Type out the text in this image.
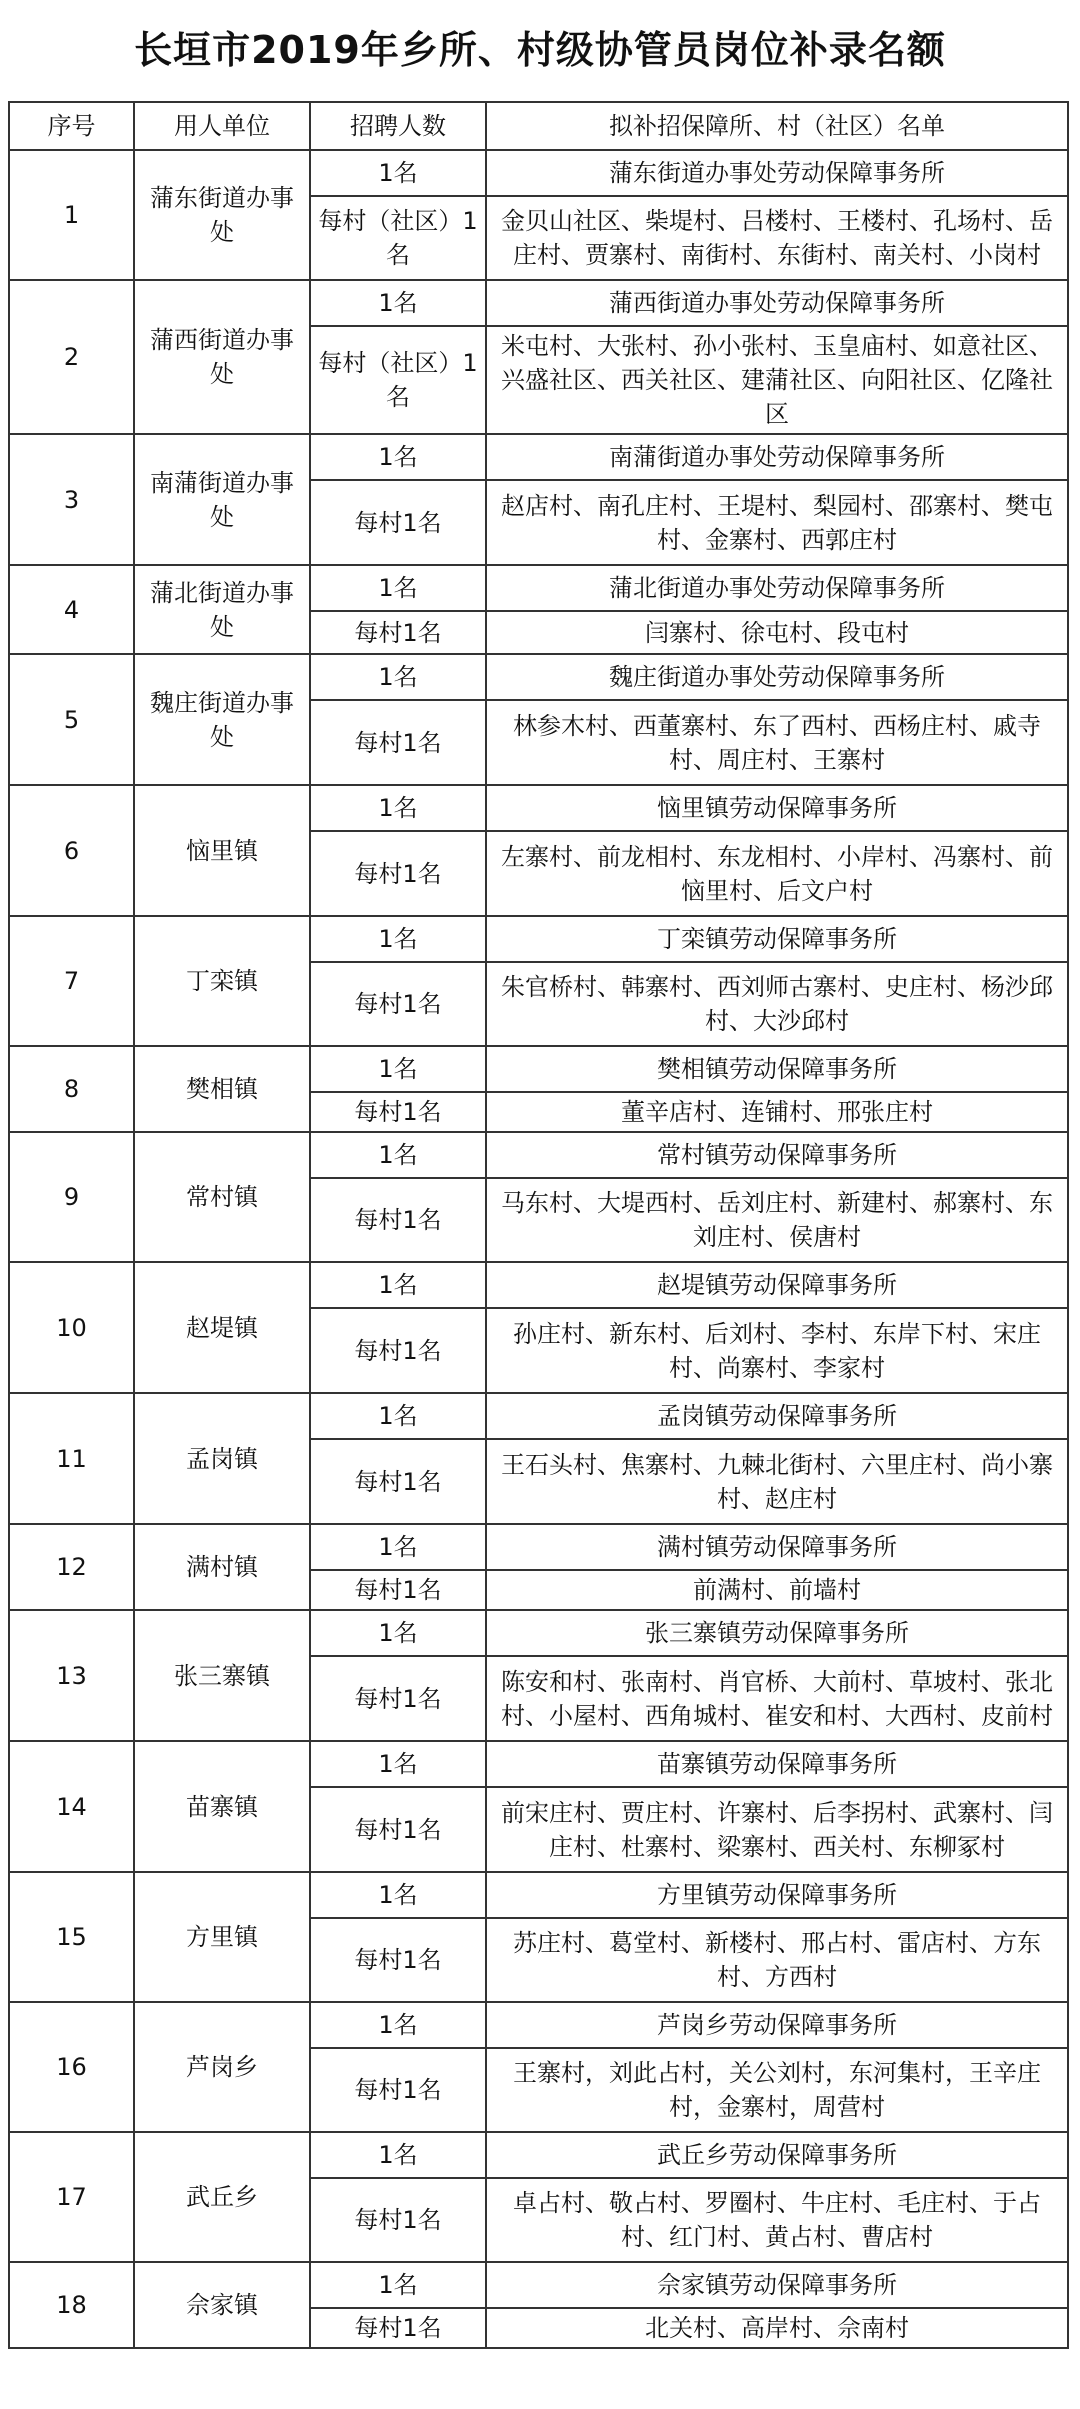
长垣市2019年乡所、村级协管员岗位补录名额
序号	用人单位	招聘人数	拟补招保障所、村（社区）名单
1	蒲东街道办事处	1名	蒲东街道办事处劳动保障事务所
		每村（社区）1名	金贝山社区、柴堤村、吕楼村、王楼村、孔场村、岳庄村、贾寨村、南街村、东街村、南关村、小岗村
2	蒲西街道办事处	1名	蒲西街道办事处劳动保障事务所
		每村（社区）1名	米屯村、大张村、孙小张村、玉皇庙村、如意社区、兴盛社区、西关社区、建蒲社区、向阳社区、亿隆社区
3	南蒲街道办事处	1名	南蒲街道办事处劳动保障事务所
		每村1名	赵店村、南孔庄村、王堤村、梨园村、邵寨村、樊屯村、金寨村、西郭庄村
4	蒲北街道办事处	1名	蒲北街道办事处劳动保障事务所
		每村1名	闫寨村、徐屯村、段屯村
5	魏庄街道办事处	1名	魏庄街道办事处劳动保障事务所
		每村1名	林参木村、西董寨村、东了西村、西杨庄村、戚寺村、周庄村、王寨村
6	恼里镇	1名	恼里镇劳动保障事务所
		每村1名	左寨村、前龙相村、东龙相村、小岸村、冯寨村、前恼里村、后文户村
7	丁栾镇	1名	丁栾镇劳动保障事务所
		每村1名	朱官桥村、韩寨村、西刘师古寨村、史庄村、杨沙邱村、大沙邱村
8	樊相镇	1名	樊相镇劳动保障事务所
		每村1名	董辛店村、连铺村、邢张庄村
9	常村镇	1名	常村镇劳动保障事务所
		每村1名	马东村、大堤西村、岳刘庄村、新建村、郝寨村、东刘庄村、侯唐村
10	赵堤镇	1名	赵堤镇劳动保障事务所
		每村1名	孙庄村、新东村、后刘村、李村、东岸下村、宋庄村、尚寨村、李家村
11	孟岗镇	1名	孟岗镇劳动保障事务所
		每村1名	王石头村、焦寨村、九棘北街村、六里庄村、尚小寨村、赵庄村
12	满村镇	1名	满村镇劳动保障事务所
		每村1名	前满村、前墙村
13	张三寨镇	1名	张三寨镇劳动保障事务所
		每村1名	陈安和村、张南村、肖官桥、大前村、草坡村、张北村、小屋村、西角城村、崔安和村、大西村、皮前村
14	苗寨镇	1名	苗寨镇劳动保障事务所
		每村1名	前宋庄村、贾庄村、许寨村、后李拐村、武寨村、闫庄村、杜寨村、梁寨村、西关村、东柳冢村
15	方里镇	1名	方里镇劳动保障事务所
		每村1名	苏庄村、葛堂村、新楼村、邢占村、雷店村、方东村、方西村
16	芦岗乡	1名	芦岗乡劳动保障事务所
		每村1名	王寨村，刘此占村，关公刘村，东河集村，王辛庄村，金寨村，周营村
17	武丘乡	1名	武丘乡劳动保障事务所
		每村1名	卓占村、敬占村、罗圈村、牛庄村、毛庄村、于占村、红门村、黄占村、曹店村
18	佘家镇	1名	佘家镇劳动保障事务所
		每村1名	北关村、高岸村、佘南村
